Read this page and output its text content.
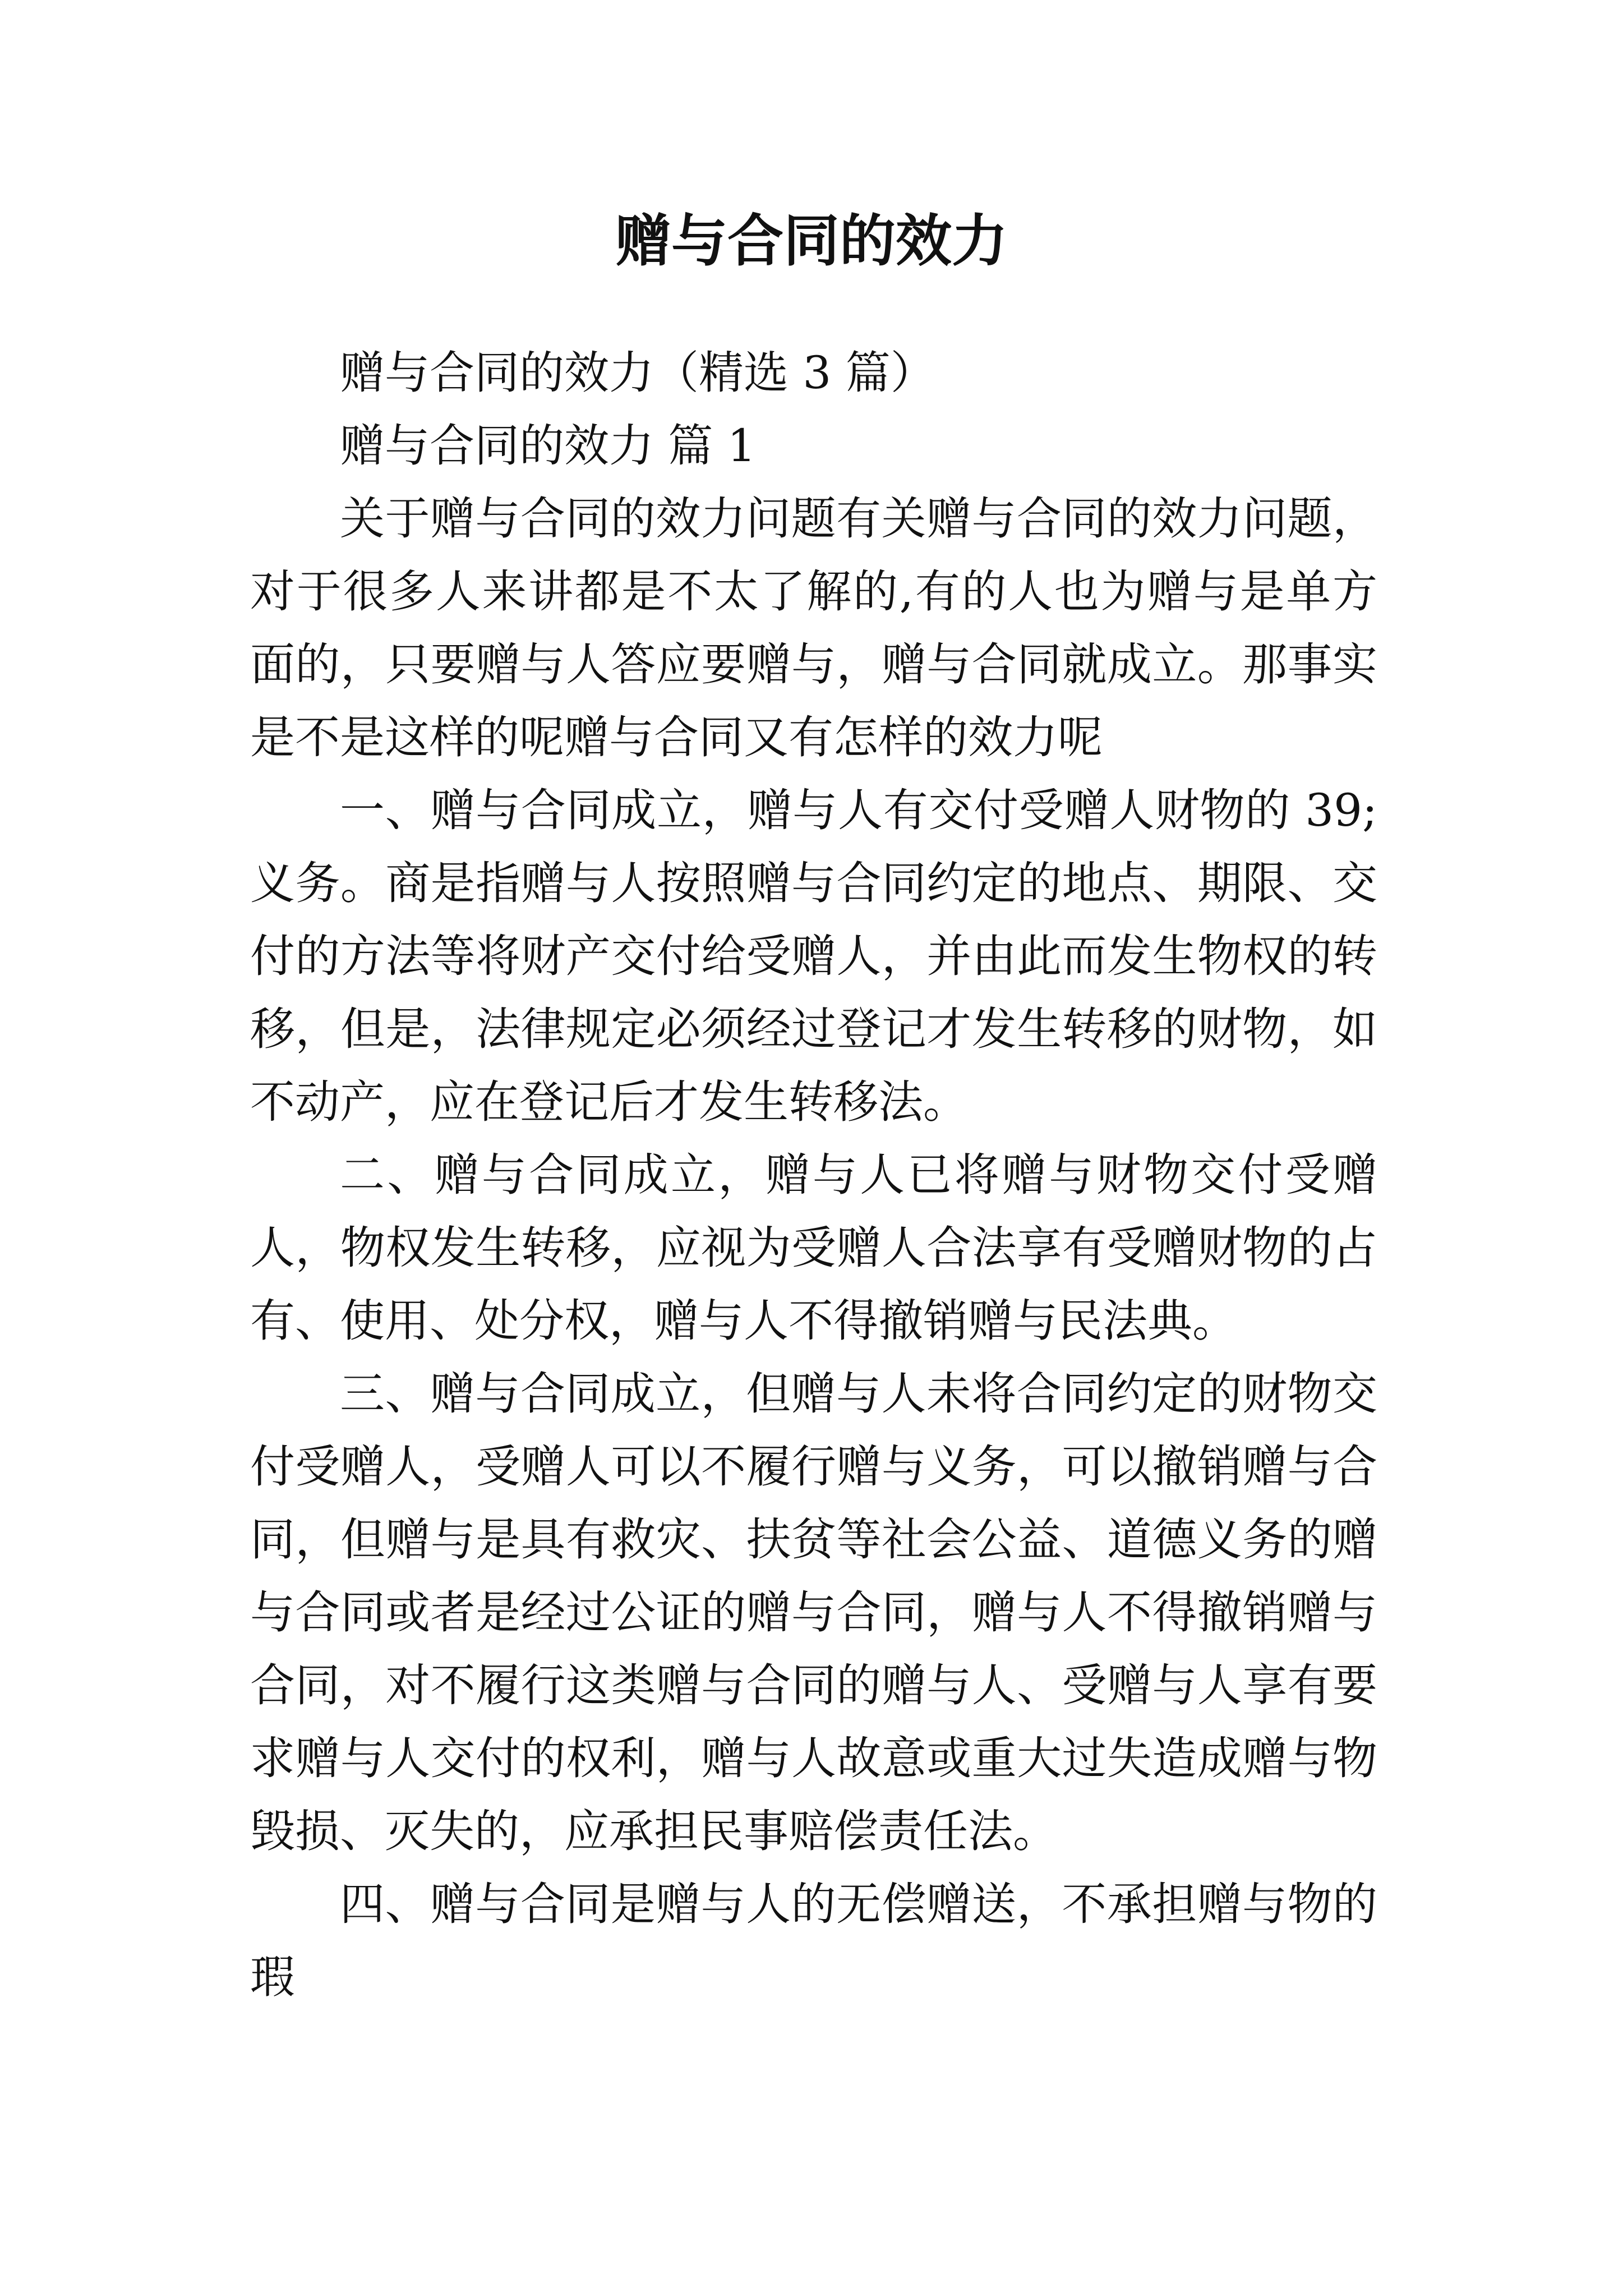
赠与合同的效力

赠与合同的效力（精选 3 篇）

赠与合同的效力 篇 1

关于赠与合同的效力问题有关赠与合同的效力问题，对于很多人来讲都是不太了解的,有的人也为赠与是单方面的，只要赠与人答应要赠与，赠与合同就成立。那事实是不是这样的呢赠与合同又有怎样的效力呢

一、赠与合同成立，赠与人有交付受赠人财物的 39;义务。商是指赠与人按照赠与合同约定的地点、期限、交付的方法等将财产交付给受赠人，并由此而发生物权的转移，但是，法律规定必须经过登记才发生转移的财物，如不动产，应在登记后才发生转移法。

二、赠与合同成立，赠与人已将赠与财物交付受赠人，物权发生转移，应视为受赠人合法享有受赠财物的占有、使用、处分权，赠与人不得撤销赠与民法典。

三、赠与合同成立，但赠与人未将合同约定的财物交付受赠人，受赠人可以不履行赠与义务，可以撤销赠与合同，但赠与是具有救灾、扶贫等社会公益、道德义务的赠与合同或者是经过公证的赠与合同，赠与人不得撤销赠与合同，对不履行这类赠与合同的赠与人、受赠与人享有要求赠与人交付的权利，赠与人故意或重大过失造成赠与物毁损、灭失的，应承担民事赔偿责任法。

四、赠与合同是赠与人的无偿赠送，不承担赠与物的瑕
